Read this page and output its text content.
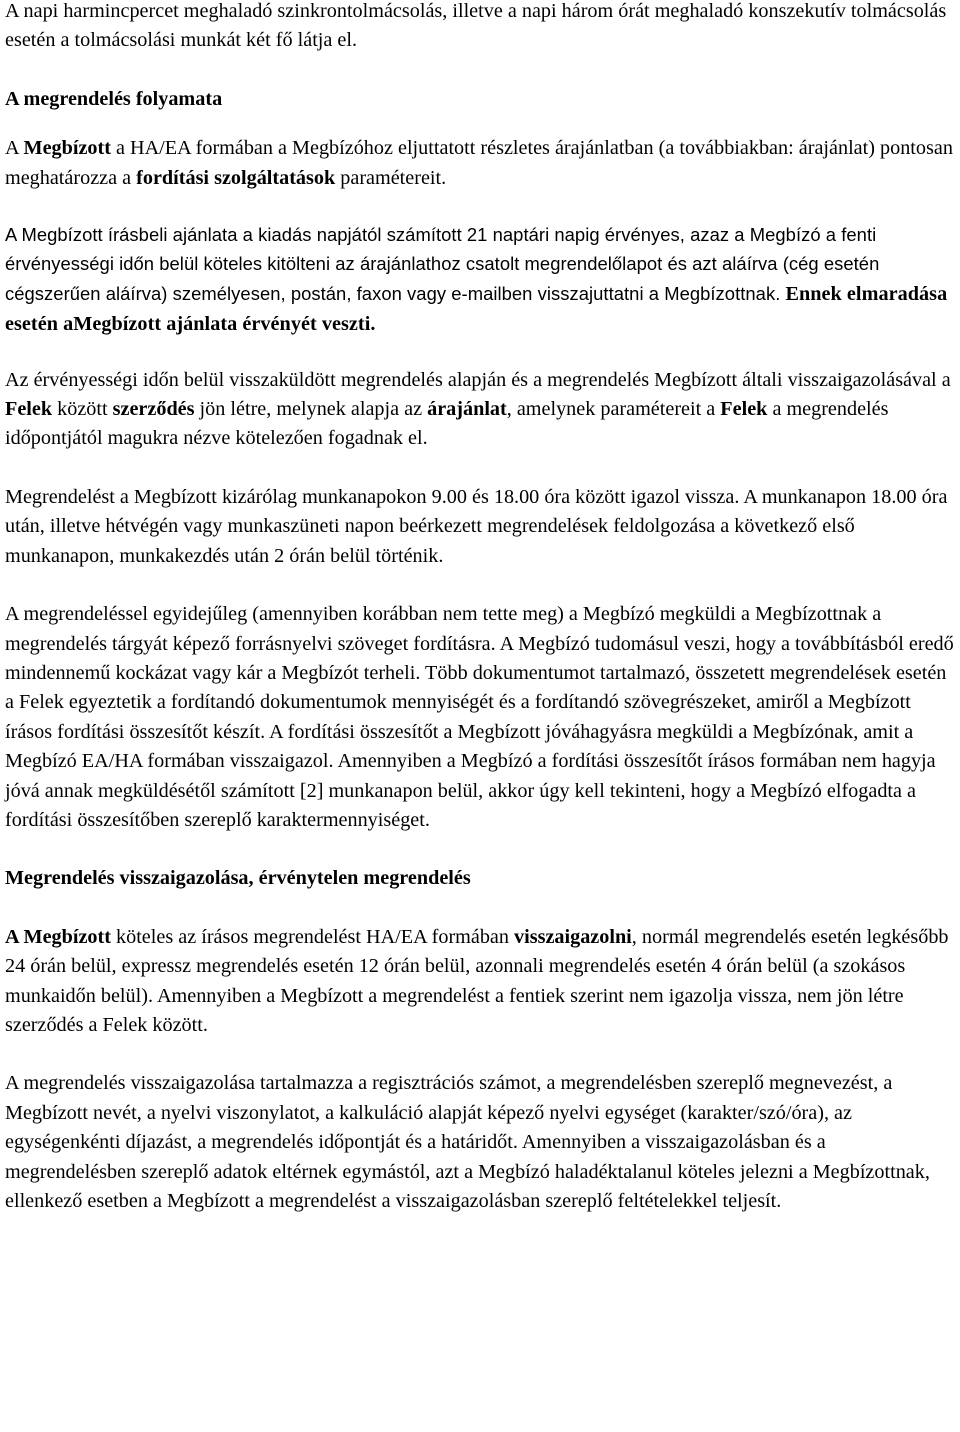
A napi harmincpercet meghaladó szinkrontolmácsolás, illetve a napi három órát meghaladó konszekutív tolmácsolás esetén a tolmácsolási munkát két fő látja el.

A megrendelés folyamata

A Megbízott a HA/EA formában a Megbízóhoz eljuttatott részletes árajánlatban (a továbbiakban: árajánlat) pontosan meghatározza a fordítási szolgáltatások paramétereit.

A Megbízott írásbeli ajánlata a kiadás napjától számított 21 naptári napig érvényes, azaz a Megbízó a fenti érvényességi időn belül köteles kitölteni az árajánlathoz csatolt megrendelőlapot és azt aláírva (cég esetén cégszerűen aláírva) személyesen, postán, faxon vagy e-mailben visszajuttatni a Megbízottnak. Ennek elmaradása esetén aMegbízott ajánlata érvényét veszti.

Az érvényességi időn belül visszaküldött megrendelés alapján és a megrendelés Megbízott általi visszaigazolásával a Felek között szerződés jön létre, melynek alapja az árajánlat, amelynek paramétereit a Felek a megrendelés időpontjától magukra nézve kötelezően fogadnak el.

Megrendelést a Megbízott kizárólag munkanapokon 9.00 és 18.00 óra között igazol vissza. A munkanapon 18.00 óra után, illetve hétvégén vagy munkaszüneti napon beérkezett megrendelések feldolgozása a következő első munkanapon, munkakezdés után 2 órán belül történik.

A megrendeléssel egyidejűleg (amennyiben korábban nem tette meg) a Megbízó megküldi a Megbízottnak a megrendelés tárgyát képező forrásnyelvi szöveget fordításra. A Megbízó tudomásul veszi, hogy a továbbításból eredő mindennemű kockázat vagy kár a Megbízót terheli. Több dokumentumot tartalmazó, összetett megrendelések esetén a Felek egyeztetik a fordítandó dokumentumok mennyiségét és a fordítandó szövegrészeket, amiről a Megbízott írásos fordítási összesítőt készít. A fordítási összesítőt a Megbízott jóváhagyásra megküldi a Megbízónak, amit a Megbízó EA/HA formában visszaigazol. Amennyiben a Megbízó a fordítási összesítőt írásos formában nem hagyja jóvá annak megküldésétől számított [2] munkanapon belül, akkor úgy kell tekinteni, hogy a Megbízó elfogadta a fordítási összesítőben szereplő karaktermennyiséget.

Megrendelés visszaigazolása, érvénytelen megrendelés

A Megbízott köteles az írásos megrendelést HA/EA formában visszaigazolni, normál megrendelés esetén legkésőbb 24 órán belül, expressz megrendelés esetén 12 órán belül, azonnali megrendelés esetén 4 órán belül (a szokásos munkaidőn belül). Amennyiben a Megbízott a megrendelést a fentiek szerint nem igazolja vissza, nem jön létre szerződés a Felek között.

A megrendelés visszaigazolása tartalmazza a regisztrációs számot, a megrendelésben szereplő megnevezést, a Megbízott nevét, a nyelvi viszonylatot, a kalkuláció alapját képező nyelvi egységet (karakter/szó/óra), az egységenkénti díjazást, a megrendelés időpontját és a határidőt. Amennyiben a visszaigazolásban és a megrendelésben szereplő adatok eltérnek egymástól, azt a Megbízó haladéktalanul köteles jelezni a Megbízottnak, ellenkező esetben a Megbízott a megrendelést a visszaigazolásban szereplő feltételekkel teljesít.
